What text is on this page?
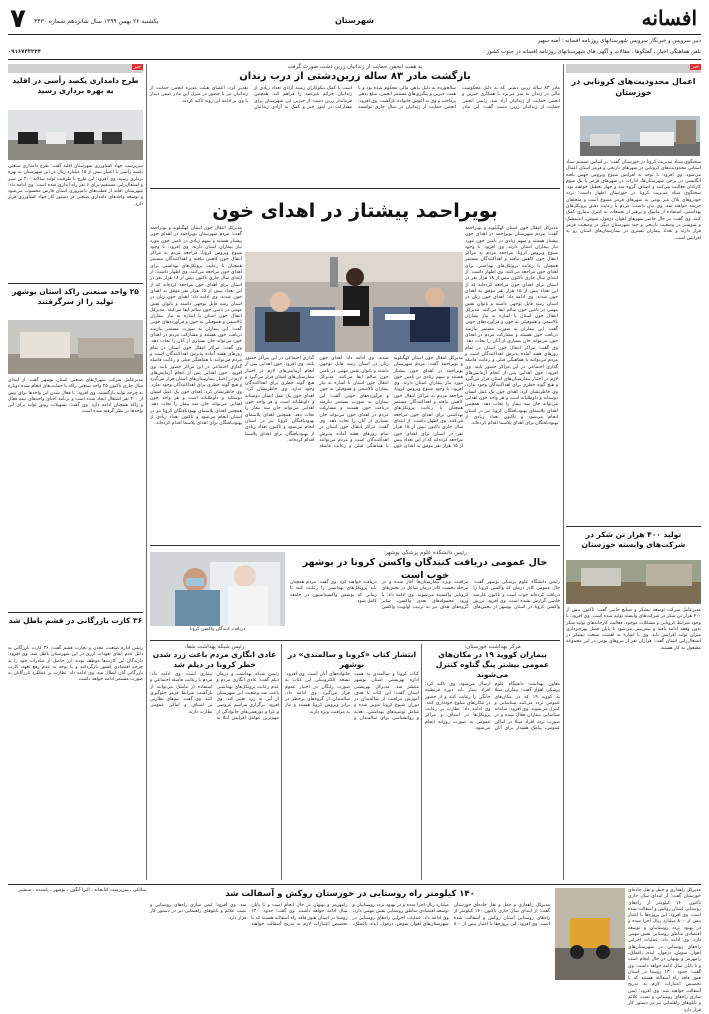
۷ یکشنبه ۲۶ بهمن ۱۳۹۹ سال شانزدهم شماره ۴۴۳۰	شهرستان	افسانه
دبیر سرویس و خبرنگار سرویس شهرستانهای روزنامه افسانه : آمنه سهیر
تلفن هماهنگی اخبار ، گفتگوها ، مقالات و آگهی های شهرستانهای روزنامه افسانه در جنوب کشور :
۰۹۱۶۷۴۳۲۴۴
خبر
خبر	به همت انجمن حمایت از زندانیان زرین دشت صورت گرفت
بازگشت مادر ۸۳ ساله زرین‌دشتی از درب زندان
مادر ۸۳ ساله زرین دشتی که به دلیل محکومیت مالی در زندان به سر می‌برد با همکاری خیرین و انجمن حمایت از زندانیان آزاد شد. رئیس انجمن حمایت از زندانیان زرین دشت گفت: این مادر سالخورده به دلیل بدهی مالی محکوم شده بود و با همت خیرین و پیگیری‌های مستمر انجمن، مبلغ بدهی پرداخت و وی به آغوش خانواده بازگشت. وی افزود: انجمن حمایت از زندانیان در سال جاری توانسته است با کمک نیکوکاران زمینه آزادی تعداد زیادی از زندانیان جرائم غیرعمد را فراهم کند. همچنین فرماندار زرین دشت از خیرین این شهرستان برای مشارکت در امور خیر و کمک به آزادی زندانیان تقدیر کرد. اعضای هیئت مدیره انجمن حمایت از زندانیان نیز با حضور در منزل این مادر ضمن دیدار با وی بر ادامه این روند تاکید کردند.
بویراحمد پیشتاز در اهدای خون
مدیرکل انتقال خون استان کهگیلویه و بویراحمد گفت: مردم شهرستان بویراحمد در اهدای خون پیشتاز هستند و سهم زیادی در تامین خون مورد نیاز بیماران استان دارند. وی افزود: با وجود شیوع ویروس کرونا، مراجعه مردم به مراکز انتقال خون کاهش نیافته و اهداکنندگان مستمر همچنان با رعایت پروتکل‌های بهداشتی برای اهدای خون مراجعه می‌کنند. وی اظهار داشت: از ابتدای سال جاری تاکنون بیش از ۱۸ هزار نفر در استان برای اهدای خون مراجعه کرده‌اند که از این تعداد بیش از ۱۵ هزار نفر موفق به اهدای خون شدند. وی ادامه داد: اهدای خون زنان در استان رشد قابل توجهی داشته و بانوان نقش مهمی در تامین خون سالم ایفا می‌کنند. مدیرکل انتقال خون استان با اشاره به نیاز بیماران تالاسمی و هموفیلی به خون و فرآورده‌های خونی گفت: این بیماران به صورت مستمر نیازمند دریافت خون هستند و مشارکت مردم در اهدای خون می‌تواند جان بسیاری از آنان را نجات دهد. وی گفت: مراکز انتقال خون استان در تمام روزهای هفته آماده پذیرش اهداکنندگان است و مردم می‌توانند با هماهنگی قبلی و رعایت فاصله گذاری اجتماعی در این مراکز حضور یابند. وی افزود: خون اهدایی پس از انجام آزمایش‌های لازم در اختیار بیمارستان‌های استان قرار می‌گیرد و هیچ گونه خطری برای اهداکنندگان وجود ندارد. وی خاطرنشان کرد: اهدای خون یک عمل انسان دوستانه و داوطلبانه است و هر واحد خون اهدایی می‌تواند جان سه بیمار را نجات دهد. همچنین اهدای پلاسمای بهبودیافتگان کرونا نیز در استان انجام می‌شود و تاکنون تعداد زیادی از بهبودیافتگان برای اهدای پلاسما اقدام کرده‌اند.
مدیرکل انتقال خون استان کهگیلویه و بویراحمد گفت: مردم شهرستان بویراحمد در اهدای خون پیشتاز هستند و سهم زیادی در تامین خون مورد نیاز بیماران استان دارند. وی افزود: با وجود شیوع ویروس کرونا، مراجعه مردم به مراکز انتقال خون کاهش نیافته و اهداکنندگان مستمر همچنان با رعایت پروتکل‌های بهداشتی برای اهدای خون مراجعه می‌کنند. وی اظهار داشت: از ابتدای سال جاری تاکنون بیش از ۱۸ هزار نفر در استان برای اهدای خون مراجعه کرده‌اند که از این تعداد بیش از ۱۵ هزار نفر موفق به اهدای خون شدند. وی ادامه داد: اهدای خون زنان در استان رشد قابل توجهی داشته و بانوان نقش مهمی در تامین خون سالم ایفا می‌کنند. مدیرکل انتقال خون استان با اشاره به نیاز بیماران تالاسمی و هموفیلی به خون و فرآورده‌های خونی گفت: این بیماران به صورت مستمر نیازمند دریافت خون هستند و مشارکت مردم در اهدای خون می‌تواند جان بسیاری از آنان را نجات دهد. وی گفت: مراکز انتقال خون استان در تمام روزهای هفته آماده پذیرش اهداکنندگان است و مردم می‌توانند با هماهنگی قبلی و رعایت فاصله گذاری اجتماعی در این مراکز حضور یابند. وی افزود: خون اهدایی پس از انجام آزمایش‌های لازم در اختیار بیمارستان‌های استان قرار می‌گیرد و هیچ گونه خطری برای اهداکنندگان وجود ندارد. وی خاطرنشان کرد: اهدای خون یک عمل انسان دوستانه و داوطلبانه است و هر واحد خون اهدایی می‌تواند جان سه بیمار را نجات دهد. همچنین اهدای پلاسمای بهبودیافتگان کرونا نیز در استان انجام می‌شود و تاکنون تعداد زیادی از بهبودیافتگان برای اهدای پلاسما اقدام کرده‌اند.
مدیرکل انتقال خون استان کهگیلویه و بویراحمد گفت: مردم شهرستان بویراحمد در اهدای خون پیشتاز هستند و سهم زیادی در تامین خون مورد نیاز بیماران استان دارند. وی افزود: با وجود شیوع ویروس کرونا، مراجعه مردم به مراکز انتقال خون کاهش نیافته و اهداکنندگان مستمر همچنان با رعایت پروتکل‌های بهداشتی برای اهدای خون مراجعه می‌کنند. وی اظهار داشت: از ابتدای سال جاری تاکنون بیش از ۱۸ هزار نفر در استان برای اهدای خون مراجعه کرده‌اند که از این تعداد بیش از ۱۵ هزار نفر موفق به اهدای خون شدند. وی ادامه داد: اهدای خون زنان در استان رشد قابل توجهی داشته و بانوان نقش مهمی در تامین خون سالم ایفا می‌کنند. مدیرکل انتقال خون استان با اشاره به نیاز بیماران تالاسمی و هموفیلی به خون و فرآورده‌های خونی گفت: این بیماران به صورت مستمر نیازمند دریافت خون هستند و مشارکت مردم در اهدای خون می‌تواند جان بسیاری از آنان را نجات دهد. وی گفت: مراکز انتقال خون استان در تمام روزهای هفته آماده پذیرش اهداکنندگان است و مردم می‌توانند با هماهنگی قبلی و رعایت فاصله گذاری اجتماعی در این مراکز حضور یابند. وی افزود: خون اهدایی پس از انجام آزمایش‌های لازم در اختیار بیمارستان‌های استان قرار می‌گیرد و هیچ گونه خطری برای اهداکنندگان وجود ندارد. وی خاطرنشان کرد: اهدای خون یک عمل انسان دوستانه و داوطلبانه است و هر واحد خون اهدایی می‌تواند جان سه بیمار را نجات دهد. همچنین اهدای پلاسمای بهبودیافتگان کرونا نیز در استان انجام می‌شود و تاکنون تعداد زیادی از بهبودیافتگان برای اهدای پلاسما اقدام کرده‌اند.
رئیس دانشکده علوم پزشکی بوشهر:
حال عمومی دریافت کنندگان واکسن کرونا در بوشهر خوب است
دریافت کنندگان واکسن کرونا
رئیس دانشگاه علوم پزشکی بوشهر گفت: حال عمومی کادر درمان که واکسن کرونا را دریافت کرده‌اند خوب است و تاکنون عارضه خاصی گزارش نشده است. وی افزود: تزریق واکسن کرونا در استان بوشهر از بخش‌های مراقبت ویژه بیمارستان‌ها آغاز شده و در مرحله نخست کادر درمان شاغل در بخش‌های کرونایی واکسینه می‌شوند. وی ادامه داد: با ورود محموله‌های بعدی واکسن، سایر گروه‌های هدف نیز به ترتیب اولویت واکسن دریافت خواهند کرد. وی گفت: مردم همچنان باید پروتکل‌های بهداشتی را رعایت کنند تا زمانی که پوشش واکسیناسیون در جامعه کامل شود.
مرکز بهداشت خوزستان:
بیماران کووید ۱۹ در مکان‌های عمومی بیشتر پنگ گناوه کنترل می‌شوند
معاون بهداشت دانشگاه علوم پزشکی اهواز گفت: بیماران مبتلا به کووید ۱۹ که در مکان‌های عمومی تردد می‌کنند شناسایی و کنترل می‌شوند. وی افزود: سامانه شناسایی بیماران فعال شده و در صورت تردد افراد مبتلا در اماکن عمومی، پیامک هشدار برای آنان ارسال می‌شود. وی تاکید کرد: افراد بیمار باید دوره قرنطینه خانگی را رعایت کنند و از حضور در مکان‌های شلوغ خودداری کنند. وی ادامه داد: نظارت بر رعایت پروتکل‌ها در اصناف و مراکز عمومی به صورت روزانه انجام می‌شود.
انتشار کتاب «کرونا و سالمندی» در بوشهر
کتاب کرونا و سالمندی به همت اداره بهزیستی استان بوشهر منتشر شد. مدیرکل بهزیستی استان گفت: این کتاب با هدف آموزش مراقبت از سالمندان در دوران شیوع کرونا تدوین شده و شامل توصیه‌های بهداشتی، تغذیه و روانشناسی برای سالمندان و خانواده‌های آنان است. وی افزود: نسخه الکترونیکی این کتاب به صورت رایگان در اختیار عموم قرار می‌گیرد. وی ادامه داد: سالمندان از گروه‌های پرخطر در برابر ویروس کرونا هستند و نیاز به مراقبت ویژه دارند.
رئیس شبکه بهداشت شفا:
عادی انگاری مردم باعث زرد شدن خطر کرونا در دیلم شد
رئیس شبکه بهداشت و درمان دیلم گفت: عادی انگاری مردم و عدم رعایت پروتکل‌های بهداشتی باعث شد وضعیت این شهرستان از آبی به زرد تغییر کند. وی افزود: برگزاری مراسم عروسی و عزا و دورهمی‌های خانوادگی از مهم‌ترین عوامل افزایش ابتلا به بیماری است. وی ادامه داد: مردم با رعایت فاصله اجتماعی و استفاده از ماسک می‌توانند از بازگشت شرایط قرمز جلوگیری کنند. وی گفت: تیم‌های نظارتی بر اصناف و اماکن عمومی نظارت دارند.
اعمال محدودیت‌های کرونایی در خوزستان
سخنگوی ستاد مدیریت کرونا در خوزستان گفت: بر اساس تصمیم ستاد استانی محدودیت‌های کرونایی در شهرهای نارنجی و قرمز استان اعمال می‌شود. وی افزود: با توجه به افزایش شیوع ویروس جهش یافته انگلیسی در برخی شهرستان‌ها، ادارات در شهرهای قرمز با یک سوم کارکنان فعالیت می‌کنند و اصناف گروه سه و چهار تعطیل خواهند بود. سخنگوی ستاد مدیریت کرونا در خوزستان اظهار داشت: تردد خودروهای پلاک غیر بومی به شهرهای قرمز ممنوع است و متخلفان جریمه خواهند شد. وی بیان داشت: مردم با رعایت دقیق پروتکل‌های بهداشتی، استفاده از ماسک و پرهیز از تجمعات به کنترل بیماری کمک کنند. وی گفت: در حال حاضر شهرهای اهواز، دزفول، شوش، اندیمشک و شوشتر در وضعیت نارنجی و چند شهرستان دیگر در وضعیت قرمز قرار دارند و تعداد بیماران بستری در بیمارستان‌های استان رو به افزایش است.
تولید ۴۰۰ هزار تن شکر در شرکت‌های وابسته خوزستان
مدیرعامل شرکت توسعه نیشکر و صنایع جانبی گفت: تاکنون بیش از ۴۰۰ هزار تن شکر در شرکت‌های وابسته تولید شده است. وی افزود: با وجود شرایط کرونایی و مشکلات موجود، فعالیت کارخانه‌های تولید شکر بدون وقفه ادامه یافته و پیش‌بینی می‌شود تا پایان فصل بهره‌برداری میزان تولید افزایش یابد. وی با اشاره به اهمیت صنعت نیشکر در اشتغال‌زایی استان گفت: هزاران نفر از نیروهای بومی در این مجموعه مشغول به کار هستند.
طرح دامداری یکصد رأسی در اقلید به بهره برداری رسید
سرپرست جهاد کشاورزی شهرستان اقلید گفت: طرح دامداری صنعتی یکصد رأسی با اعتبار بیش از ۱۵ میلیارد ریال در این شهرستان به بهره برداری رسید. وی افزود: این طرح با ظرفیت تولید سالانه ۲۰۰ تن شیر و اشتغال‌زایی مستقیم برای ۶ نفر راه اندازی شده است. وی ادامه داد: شهرستان اقلید از قطب‌های دامپروری استان فارس محسوب می‌شود و توسعه واحدهای دامداری صنعتی در دستور کار جهاد کشاورزی قرار دارد.
۲۵ واحد صنعتی راکد استان بوشهر تولید را از سرگرفتند
مدیرعامل شرکت شهرک‌های صنعتی استان بوشهر گفت: از ابتدای سال جاری تاکنون ۲۵ واحد صنعتی راکد با حمایت‌های انجام شده دوباره به چرخه تولید بازگشتند. وی افزود: با فعال شدن این واحدها برای بیش از ۳۰۰ نفر اشتغال ایجاد شده است و برنامه احیای واحدهای نیمه فعال و راکد همچنان ادامه دارد. وی گفت: تسهیلات رونق تولید برای این واحدها در نظر گرفته شده است.
۳۶ کارت بازرگانی در قشم باطل شد
رئیس اداره صنعت، معدن و تجارت قشم گفت: ۳۶ کارت بازرگانی به دلیل عدم ایفای تعهدات ارزی در این شهرستان باطل شد. وی افزود: دارندگان این کارت‌ها موظف بودند ارز حاصل از صادرات خود را به چرخه اقتصادی کشور بازگردانند و با توجه به عدم رفع تعهد، کارت بازرگانی آنان ابطال شد. وی ادامه داد: نظارت بر عملکرد بازرگانان به صورت مستمر ادامه خواهد داشت.
۱۴۰ کیلومتر راه روستایی در خوزستان روکش و آسفالت شد
مدیرکل راهداری و حمل و نقل جاده‌ای خوزستان گفت: از ابتدای سال جاری تاکنون ۱۴۰ کیلومتر از راه‌های روستایی استان روکش و آسفالت شده است. وی افزود: این پروژه‌ها با اعتبار بیش از ۸۰۰ میلیارد ریال اجرا شده و در بهبود تردد روستاییان و توسعه اقتصادی مناطق روستایی نقش مهمی دارد. وی ادامه داد: عملیات اجرایی راه‌های روستایی در شهرستان‌های اهواز، شوش، دزفول، ایذه، باغملک، رامهرمز و بهبهان در حال انجام است و تا پایان سال ادامه خواهد داشت. وی گفت: حدود ۱۳۰۰ روستا در استان هنوز فاقد راه آسفالته هستند که با تخصیص اعتبارات لازم به تدریج آسفالت خواهند شد. وی افزود: ایمن سازی راه‌های روستایی و نصب علائم و تابلوهای راهنمایی نیز در دستور کار قرار دارد.
مدیرکل راهداری و حمل و نقل جاده‌ای خوزستان گفت: از ابتدای سال جاری تاکنون ۱۴۰ کیلومتر از راه‌های روستایی استان روکش و آسفالت شده است. وی افزود: این پروژه‌ها با اعتبار بیش از ۸۰۰ میلیارد ریال اجرا شده و در بهبود تردد روستاییان و توسعه اقتصادی مناطق روستایی نقش مهمی دارد. وی ادامه داد: عملیات اجرایی راه‌های روستایی در شهرستان‌های اهواز، شوش، دزفول، ایذه، باغملک، رامهرمز و بهبهان در حال انجام است و تا پایان سال ادامه خواهد داشت. وی گفت: حدود ۱۳۰۰ روستا در استان هنوز فاقد راه آسفالته هستند که با تخصیص اعتبارات لازم به تدریج آسفالت خواهند شد. وی افزود: ایمن سازی راه‌های روستایی و نصب علائم و تابلوهای راهنمایی نیز در دستور کار قرار دارد.
سالکی ، سرپرست کتابخانه ، الیزا آبگون ، بوشهر ، پاشنده ، شبشیر
